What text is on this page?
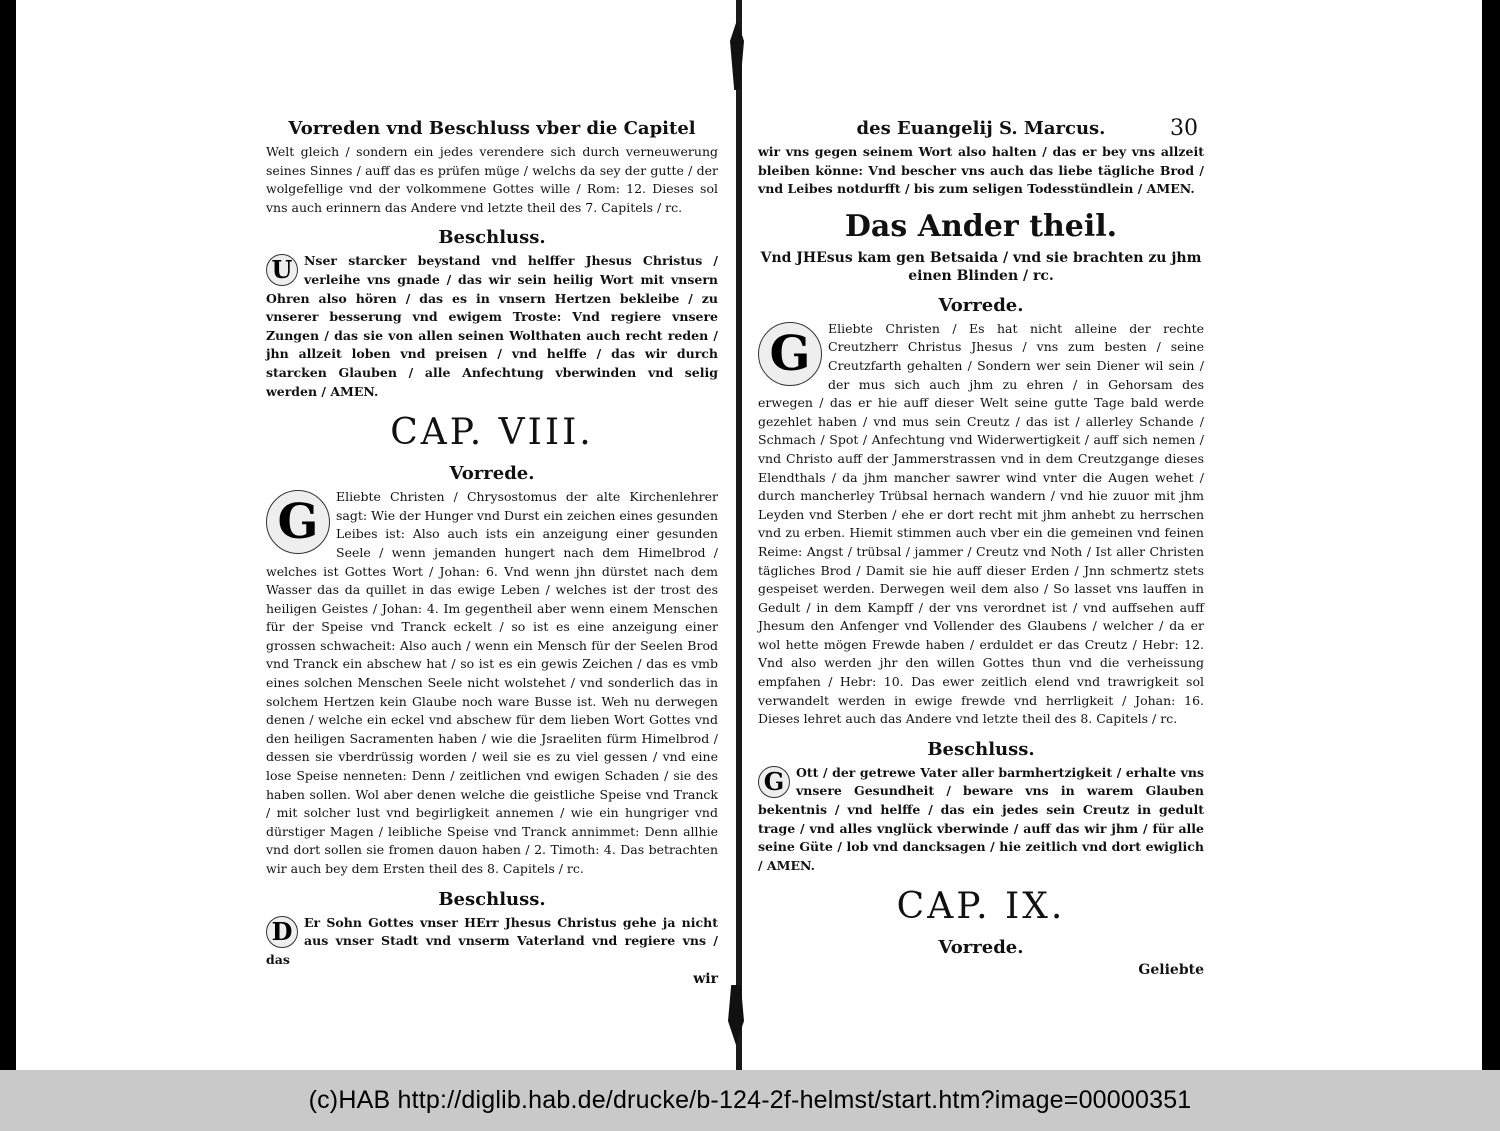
Vorreden vnd Beschluss vber die Capitel

Welt gleich / sondern ein jedes verendere sich durch verneuwerung seines Sinnes / auff das es prüfen müge / welchs da sey der gutte / der wolgefellige vnd der volkommene Gottes wille / Rom: 12. Dieses sol vns auch erinnern das Andere vnd letzte theil des 7. Capitels / rc.

Beschluss.

U Nser starcker beystand vnd helffer Jhesus Christus / verleihe vns gnade / das wir sein heilig Wort mit vnsern Ohren also hören / das es in vnsern Hertzen bekleibe / zu vnserer besserung vnd ewigem Troste: Vnd regiere vnsere Zungen / das sie von allen seinen Wolthaten auch recht reden / jhn allzeit loben vnd preisen / vnd helffe / das wir durch starcken Glauben / alle Anfechtung vberwinden vnd selig werden / AMEN.

CAP. VIII.
Vorrede.

G	Eliebte Christen / Chrysostomus der alte Kirchenlehrer sagt: Wie der Hunger vnd Durst ein zeichen eines gesunden Leibes ist: Also auch ists ein anzeigung einer gesunden Seele / wenn jemanden hungert nach dem Himelbrod / welches ist Gottes Wort / Johan: 6. Vnd wenn jhn dürstet nach dem Wasser das da quillet in das ewige Leben / welches ist der trost des heiligen Geistes / Johan: 4. Im gegentheil aber wenn einem Menschen für der Speise vnd Tranck eckelt / so ist es eine anzeigung einer grossen schwacheit: Also auch / wenn ein Mensch für der Seelen Brod vnd Tranck ein abschew hat / so ist es ein gewis Zeichen / das es vmb eines solchen Menschen Seele nicht wolstehet / vnd sonderlich das in solchem Hertzen kein Glaube noch ware Busse ist. Weh nu derwegen denen / welche ein eckel vnd abschew für dem lieben Wort Gottes vnd den heiligen Sacramenten haben / wie die Jsraeliten fürm Himelbrod / dessen sie vberdrüssig worden / weil sie es zu viel gessen / vnd eine lose Speise nenneten: Denn / zeitlichen vnd ewigen Schaden / sie des haben sollen. Wol aber denen welche die geistliche Speise vnd Tranck / mit solcher lust vnd begirligkeit annemen / wie ein hungriger vnd dürstiger Magen / leibliche Speise vnd Tranck annimmet: Denn allhie vnd dort sollen sie fromen dauon haben / 2. Timoth: 4. Das betrachten wir auch bey dem Ersten theil des 8. Capitels / rc.

Beschluss.

D Er Sohn Gottes vnser HErr Jhesus Christus gehe ja nicht aus vnser Stadt vnd vnserm Vaterland vnd regiere vns / das

wir
des Euangelij S. Marcus.	30

wir vns gegen seinem Wort also halten / das er bey vns allzeit bleiben könne: Vnd bescher vns auch das liebe tägliche Brod / vnd Leibes notdurfft / bis zum seligen Todesstündlein / AMEN.

Das Ander theil.
Vnd JHEsus kam gen Betsaida / vnd sie brachten zu jhm einen Blinden / rc.
Vorrede.

G	Eliebte Christen / Es hat nicht alleine der rechte Creutzherr Christus Jhesus / vns zum besten / seine Creutzfarth gehalten / Sondern wer sein Diener wil sein / der mus sich auch jhm zu ehren / in Gehorsam des erwegen / das er hie auff dieser Welt seine gutte Tage bald werde gezehlet haben / vnd mus sein Creutz / das ist / allerley Schande / Schmach / Spot / Anfechtung vnd Widerwertigkeit / auff sich nemen / vnd Christo auff der Jammerstrassen vnd in dem Creutzgange dieses Elendthals / da jhm mancher sawrer wind vnter die Augen wehet / durch mancherley Trübsal hernach wandern / vnd hie zuuor mit jhm Leyden vnd Sterben / ehe er dort recht mit jhm anhebt zu herrschen vnd zu erben. Hiemit stimmen auch vber ein die gemeinen vnd feinen Reime: Angst / trübsal / jammer / Creutz vnd Noth / Ist aller Christen tägliches Brod / Damit sie hie auff dieser Erden / Jnn schmertz stets gespeiset werden. Derwegen weil dem also / So lasset vns lauffen in Gedult / in dem Kampff / der vns verordnet ist / vnd auffsehen auff Jhesum den Anfenger vnd Vollender des Glaubens / welcher / da er wol hette mögen Frewde haben / erduldet er das Creutz / Hebr: 12. Vnd also werden jhr den willen Gottes thun vnd die verheissung empfahen / Hebr: 10. Das ewer zeitlich elend vnd trawrigkeit sol verwandelt werden in ewige frewde vnd herrligkeit / Johan: 16. Dieses lehret auch das Andere vnd letzte theil des 8. Capitels / rc.

Beschluss.

G Ott / der getrewe Vater aller barmhertzigkeit / erhalte vns vnsere Gesundheit / beware vns in warem Glauben bekentnis / vnd helffe / das ein jedes sein Creutz in gedult trage / vnd alles vnglück vberwinde / auff das wir jhm / für alle seine Güte / lob vnd dancksagen / hie zeitlich vnd dort ewiglich / AMEN.

CAP. IX.
Vorrede.
Geliebte
(c)HAB http://diglib.hab.de/drucke/b-124-2f-helmst/start.htm?image=00000351
